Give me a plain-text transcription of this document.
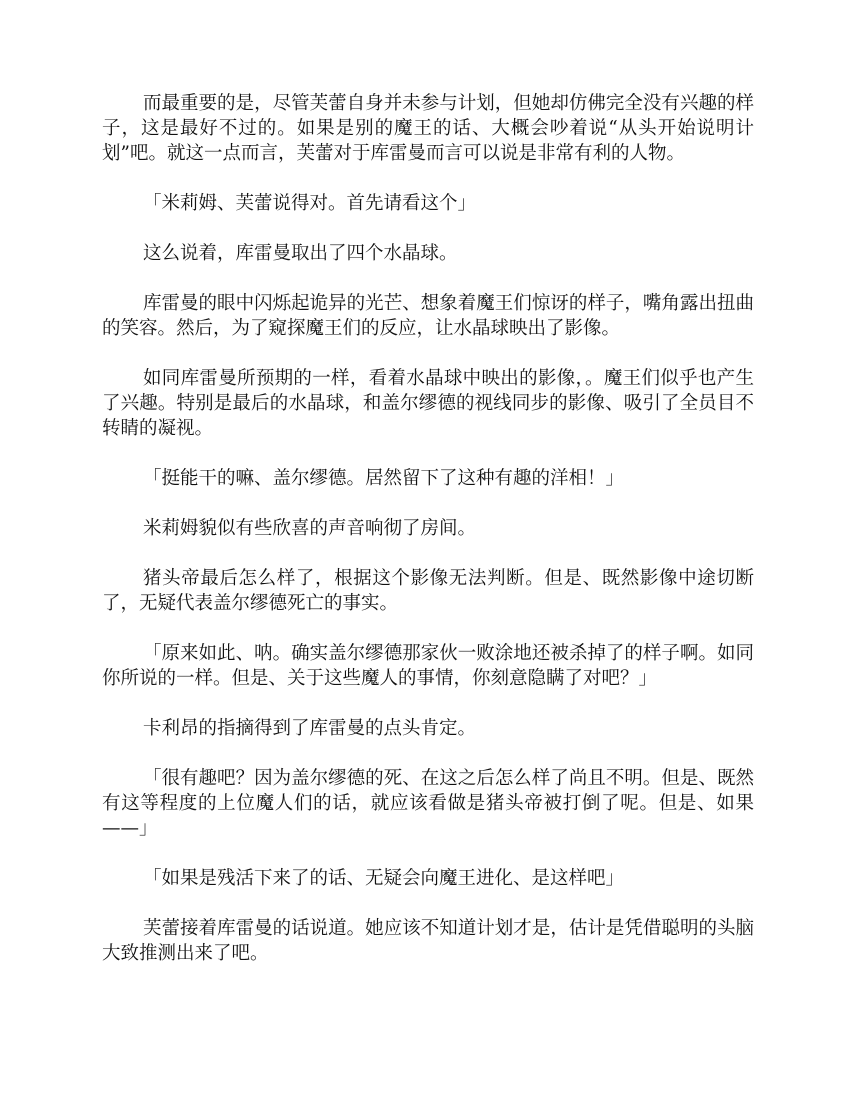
而最重要的是，尽管芙蕾自身并未参与计划，但她却仿佛完全没有兴趣的样子，这是最好不过的。如果是别的魔王的话、大概会吵着说“从头开始说明计划”吧。就这一点而言，芙蕾对于库雷曼而言可以说是非常有利的人物。

「米莉姆、芙蕾说得对。首先请看这个」

这么说着，库雷曼取出了四个水晶球。

库雷曼的眼中闪烁起诡异的光芒、想象着魔王们惊讶的样子，嘴角露出扭曲的笑容。然后，为了窥探魔王们的反应，让水晶球映出了影像。

如同库雷曼所预期的一样，看着水晶球中映出的影像，。魔王们似乎也产生了兴趣。特别是最后的水晶球，和盖尔缪德的视线同步的影像、吸引了全员目不转睛的凝视。

「挺能干的嘛、盖尔缪德。居然留下了这种有趣的洋相！」

米莉姆貌似有些欣喜的声音响彻了房间。

猪头帝最后怎么样了，根据这个影像无法判断。但是、既然影像中途切断了，无疑代表盖尔缪德死亡的事实。

「原来如此、呐。确实盖尔缪德那家伙一败涂地还被杀掉了的样子啊。如同你所说的一样。但是、关于这些魔人的事情，你刻意隐瞒了对吧？」

卡利昂的指摘得到了库雷曼的点头肯定。

「很有趣吧？因为盖尔缪德的死、在这之后怎么样了尚且不明。但是、既然有这等程度的上位魔人们的话，就应该看做是猪头帝被打倒了呢。但是、如果——」

「如果是残活下来了的话、无疑会向魔王进化、是这样吧」

芙蕾接着库雷曼的话说道。她应该不知道计划才是，估计是凭借聪明的头脑大致推测出来了吧。
